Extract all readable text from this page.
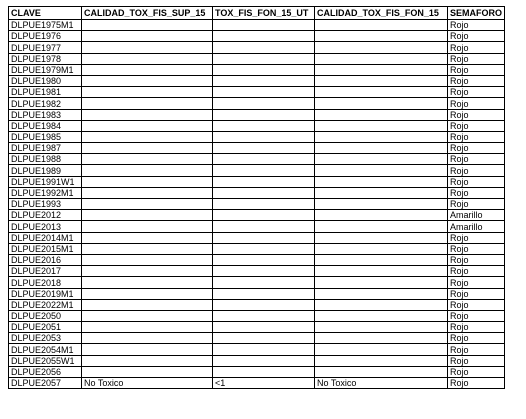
CLAVE	CALIDAD_TOX_FIS_SUP_15	TOX_FIS_FON_15_UT	CALIDAD_TOX_FIS_FON_15	SEMAFORO
DLPUE1975M1				Rojo
DLPUE1976				Rojo
DLPUE1977				Rojo
DLPUE1978				Rojo
DLPUE1979M1				Rojo
DLPUE1980				Rojo
DLPUE1981				Rojo
DLPUE1982				Rojo
DLPUE1983				Rojo
DLPUE1984				Rojo
DLPUE1985				Rojo
DLPUE1987				Rojo
DLPUE1988				Rojo
DLPUE1989				Rojo
DLPUE1991W1				Rojo
DLPUE1992M1				Rojo
DLPUE1993				Rojo
DLPUE2012				Amarillo
DLPUE2013				Amarillo
DLPUE2014M1				Rojo
DLPUE2015M1				Rojo
DLPUE2016				Rojo
DLPUE2017				Rojo
DLPUE2018				Rojo
DLPUE2019M1				Rojo
DLPUE2022M1				Rojo
DLPUE2050				Rojo
DLPUE2051				Rojo
DLPUE2053				Rojo
DLPUE2054M1				Rojo
DLPUE2055W1				Rojo
DLPUE2056				Rojo
DLPUE2057	No Toxico	<1	No Toxico	Rojo
